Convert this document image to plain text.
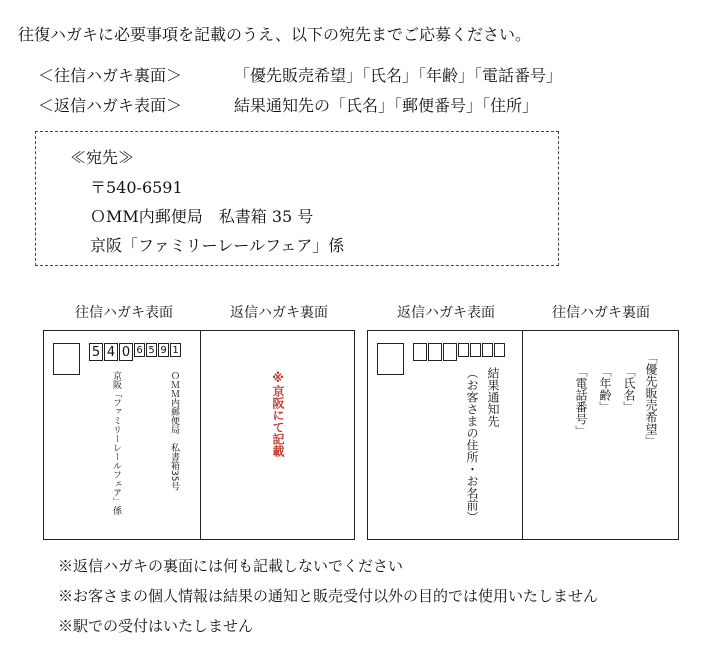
往復ハガキに必要事項を記載のうえ、以下の宛先までご応募ください。
＜往信ハガキ裏面＞	「優先販売希望」「氏名」「年齢」「電話番号」
＜返信ハガキ表面＞	結果通知先の「氏名」「郵便番号」「住所」
≪宛先≫
〒540-6591
ＯMM内郵便局　私書箱 35 号
京阪「ファミリーレールフェア」係
往信ハガキ表面	返信ハガキ裏面	返信ハガキ表面	往信ハガキ裏面
5 4 0 6 5 9 1
ＯＭＭ内郵便局　私書箱35号
京阪「ファミリーレールフェア」係	※京阪にて記載	結果通知先
（お客さまの住所・お名前）	「優先販売希望」
「氏名」
「年齢」
「電話番号」
※返信ハガキの裏面には何も記載しないでください
※お客さまの個人情報は結果の通知と販売受付以外の目的では使用いたしません
※駅での受付はいたしません
